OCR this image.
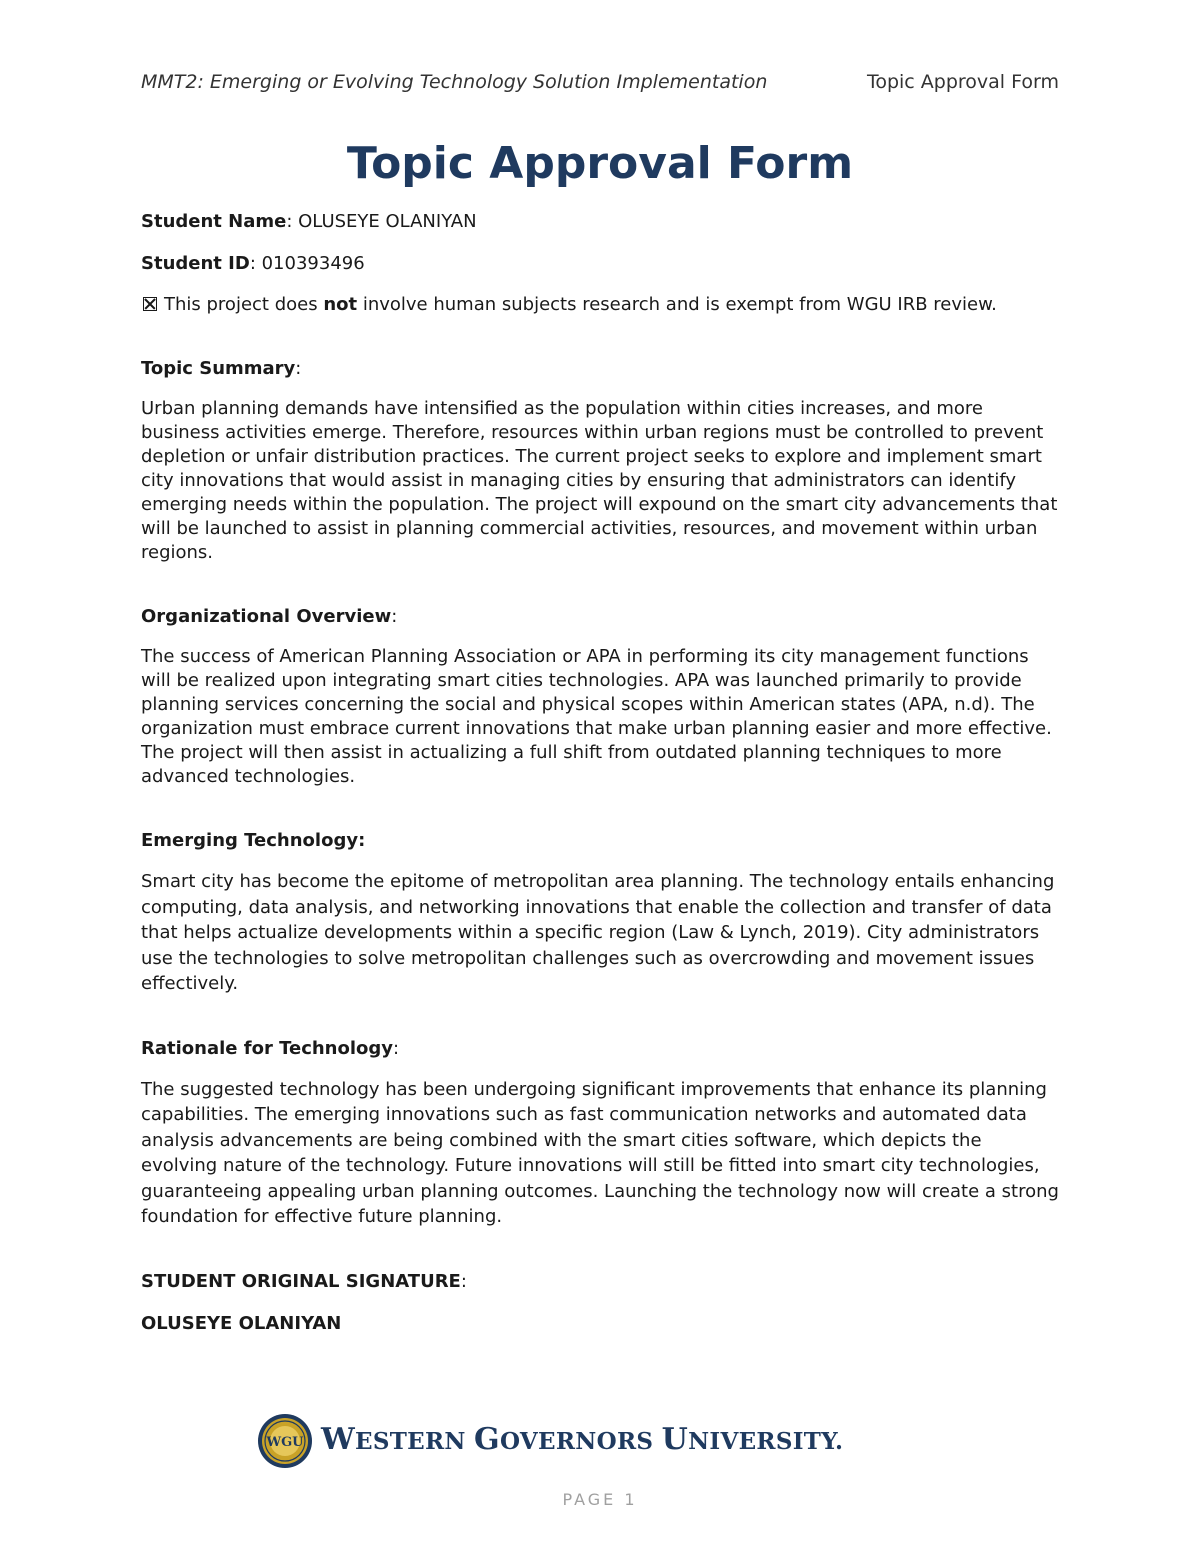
MMT2: Emerging or Evolving Technology Solution Implementation	Topic Approval Form
Topic Approval Form

Student Name: OLUSEYE OLANIYAN

Student ID: 010393496

This project does not involve human subjects research and is exempt from WGU IRB review.

Topic Summary:

Urban planning demands have intensified as the population within cities increases, and more business activities emerge. Therefore, resources within urban regions must be controlled to prevent depletion or unfair distribution practices. The current project seeks to explore and implement smart city innovations that would assist in managing cities by ensuring that administrators can identify emerging needs within the population. The project will expound on the smart city advancements that will be launched to assist in planning commercial activities, resources, and movement within urban regions.

Organizational Overview:

The success of American Planning Association or APA in performing its city management functions will be realized upon integrating smart cities technologies. APA was launched primarily to provide planning services concerning the social and physical scopes within American states (APA, n.d). The organization must embrace current innovations that make urban planning easier and more effective. The project will then assist in actualizing a full shift from outdated planning techniques to more advanced technologies.

Emerging Technology:

Smart city has become the epitome of metropolitan area planning. The technology entails enhancing computing, data analysis, and networking innovations that enable the collection and transfer of data that helps actualize developments within a specific region (Law & Lynch, 2019). City administrators use the technologies to solve metropolitan challenges such as overcrowding and movement issues effectively.

Rationale for Technology:

The suggested technology has been undergoing significant improvements that enhance its planning capabilities. The emerging innovations such as fast communication networks and automated data analysis advancements are being combined with the smart cities software, which depicts the evolving nature of the technology. Future innovations will still be fitted into smart city technologies, guaranteeing appealing urban planning outcomes. Launching the technology now will create a strong foundation for effective future planning.

STUDENT ORIGINAL SIGNATURE:

OLUSEYE OLANIYAN

WGU WESTERN GOVERNORS UNIVERSITY.
PAGE 1
